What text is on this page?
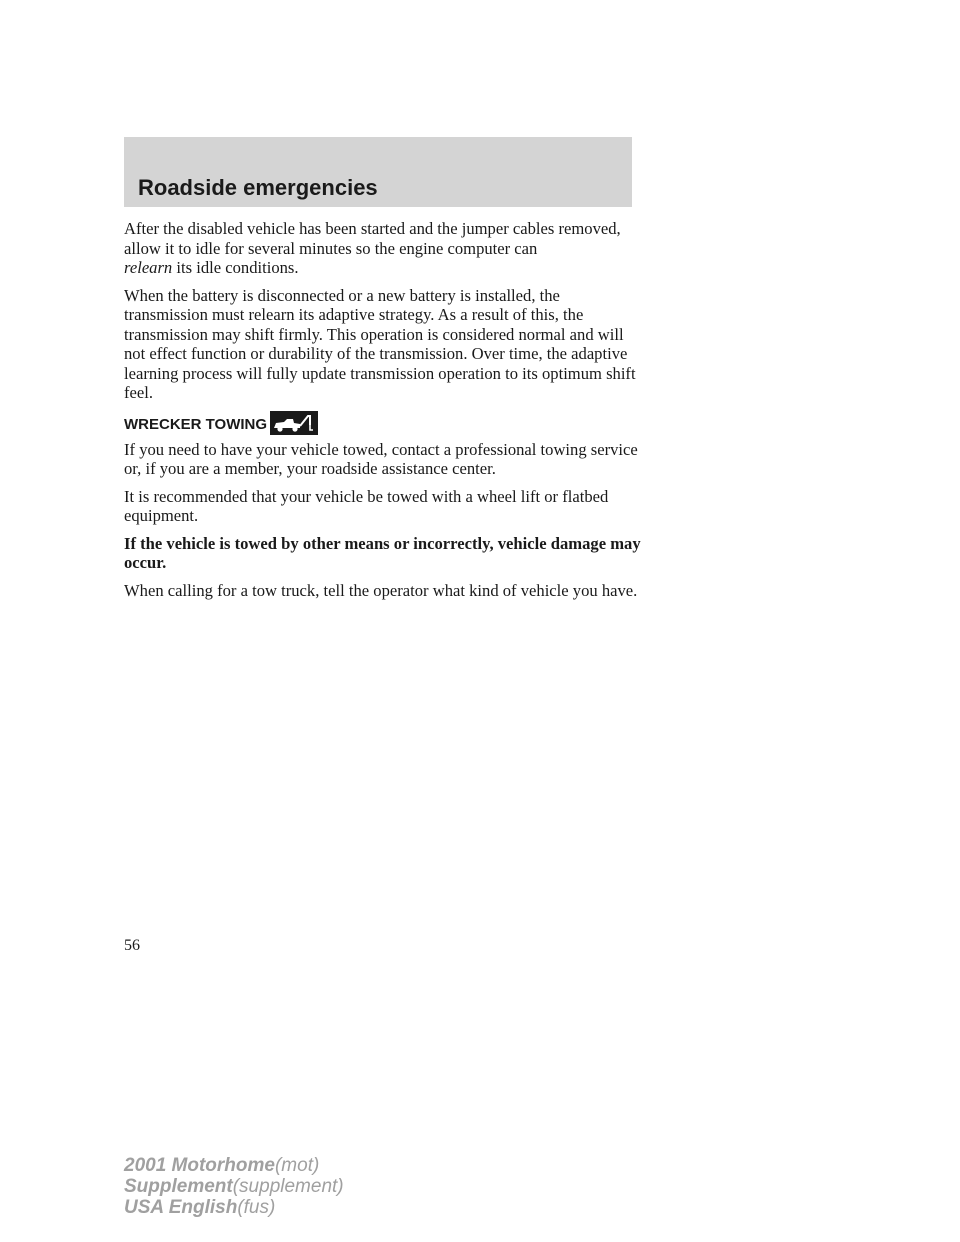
Roadside emergencies

After the disabled vehicle has been started and the jumper cables removed, allow it to idle for several minutes so the engine computer can
relearn its idle conditions.

When the battery is disconnected or a new battery is installed, the transmission must relearn its adaptive strategy. As a result of this, the transmission may shift firmly. This operation is considered normal and will not effect function or durability of the transmission. Over time, the adaptive learning process will fully update transmission operation to its optimum shift feel.

WRECKER TOWING

If you need to have your vehicle towed, contact a professional towing service or, if you are a member, your roadside assistance center.

It is recommended that your vehicle be towed with a wheel lift or flatbed equipment.

If the vehicle is towed by other means or incorrectly, vehicle damage may occur.

When calling for a tow truck, tell the operator what kind of vehicle you have.

56
2001 Motorhome(mot)
Supplement(supplement)
USA English(fus)
